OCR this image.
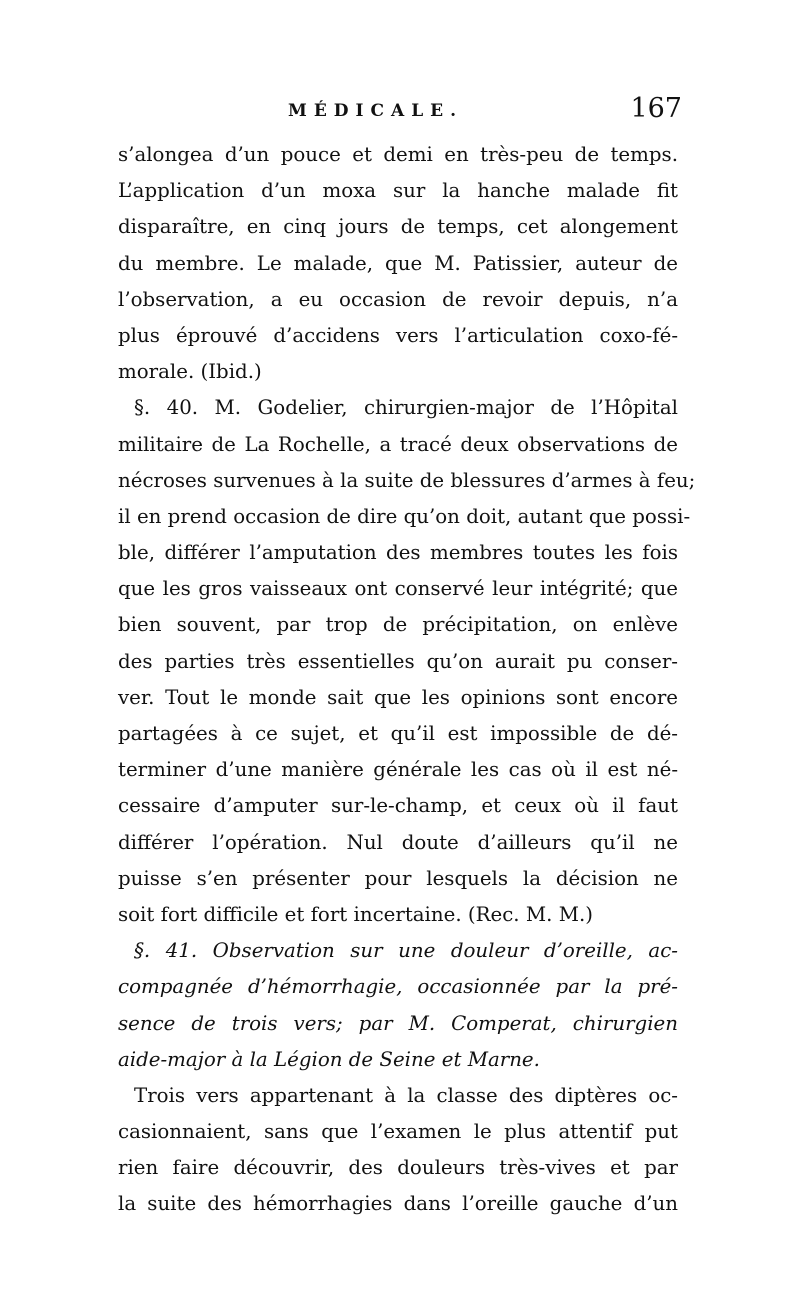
MÉDICALE.	167
s’alongea d’un pouce et demi en très-peu de temps.
L’application d’un moxa sur la hanche malade fit
disparaître, en cinq jours de temps, cet alongement
du membre. Le malade, que M. Patissier, auteur de
l’observation, a eu occasion de revoir depuis, n’a
plus éprouvé d’accidens vers l’articulation coxo-fé-
morale. (Ibid.)
§. 40. M. Godelier, chirurgien-major de l’Hôpital
militaire de La Rochelle, a tracé deux observations de
nécroses survenues à la suite de blessures d’armes à feu;
il en prend occasion de dire qu’on doit, autant que possi-
ble, différer l’amputation des membres toutes les fois
que les gros vaisseaux ont conservé leur intégrité; que
bien souvent, par trop de précipitation, on enlève
des parties très essentielles qu’on aurait pu conser-
ver. Tout le monde sait que les opinions sont encore
partagées à ce sujet, et qu’il est impossible de dé-
terminer d’une manière générale les cas où il est né-
cessaire d’amputer sur-le-champ, et ceux où il faut
différer l’opération. Nul doute d’ailleurs qu’il ne
puisse s’en présenter pour lesquels la décision ne
soit fort difficile et fort incertaine. (Rec. M. M.)
§. 41. Observation sur une douleur d’oreille, ac-
compagnée d’hémorrhagie, occasionnée par la pré-
sence de trois vers; par M. Comperat, chirurgien
aide-major à la Légion de Seine et Marne.
Trois vers appartenant à la classe des diptères oc-
casionnaient, sans que l’examen le plus attentif put
rien faire découvrir, des douleurs très-vives et par
la suite des hémorrhagies dans l’oreille gauche d’un
